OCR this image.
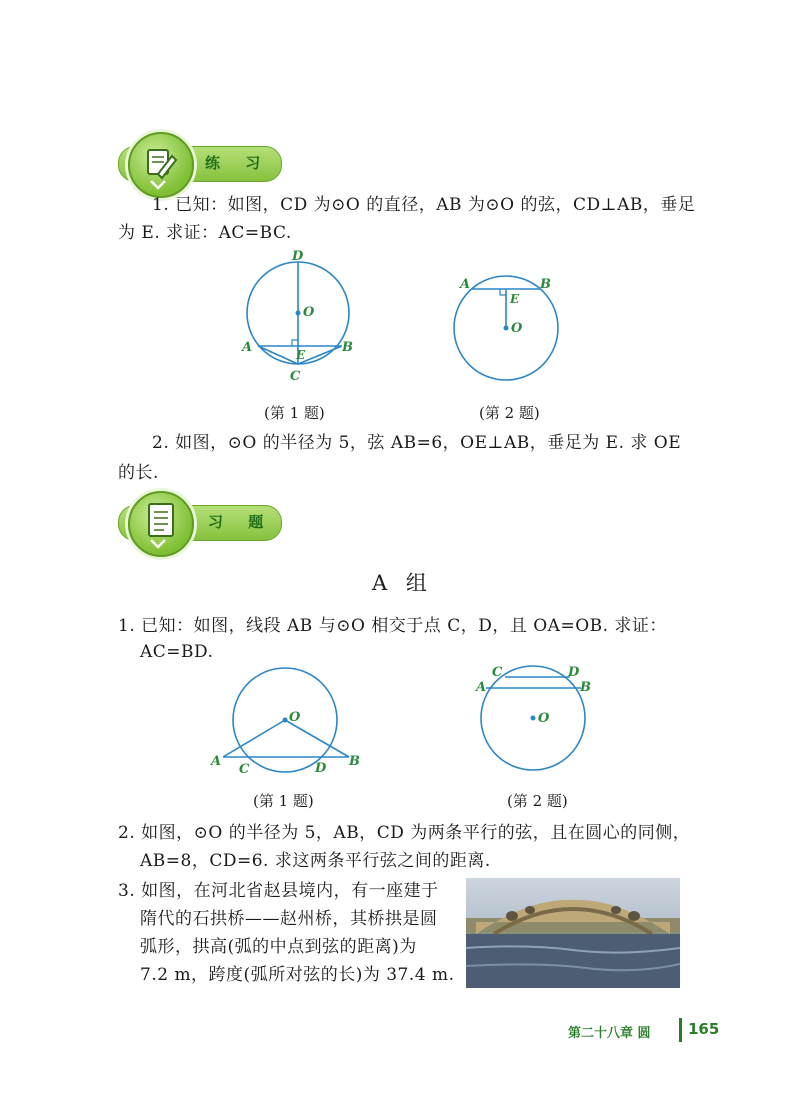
练 习
1. 已知：如图，CD 为⊙O 的直径，AB 为⊙O 的弦，CD⊥AB，垂足
为 E. 求证：AC=BC.
D
O
A	B
E
C
A	B
E
O
(第 1 题)	(第 2 题)
2. 如图，⊙O 的半径为 5，弦 AB=6，OE⊥AB，垂足为 E. 求 OE
的长.
习 题
A 组
1. 已知：如图，线段 AB 与⊙O 相交于点 C，D，且 OA=OB. 求证：
AC=BD.
O
A
C	D B
C	D
A	B
O
(第 1 题)	(第 2 题)
2. 如图，⊙O 的半径为 5，AB，CD 为两条平行的弦，且在圆心的同侧，
AB=8，CD=6. 求这两条平行弦之间的距离.
3. 如图，在河北省赵县境内，有一座建于
隋代的石拱桥——赵州桥，其桥拱是圆
弧形，拱高(弧的中点到弦的距离)为
7.2 m，跨度(弧所对弦的长)为 37.4 m.
第二十八章 圆 165
